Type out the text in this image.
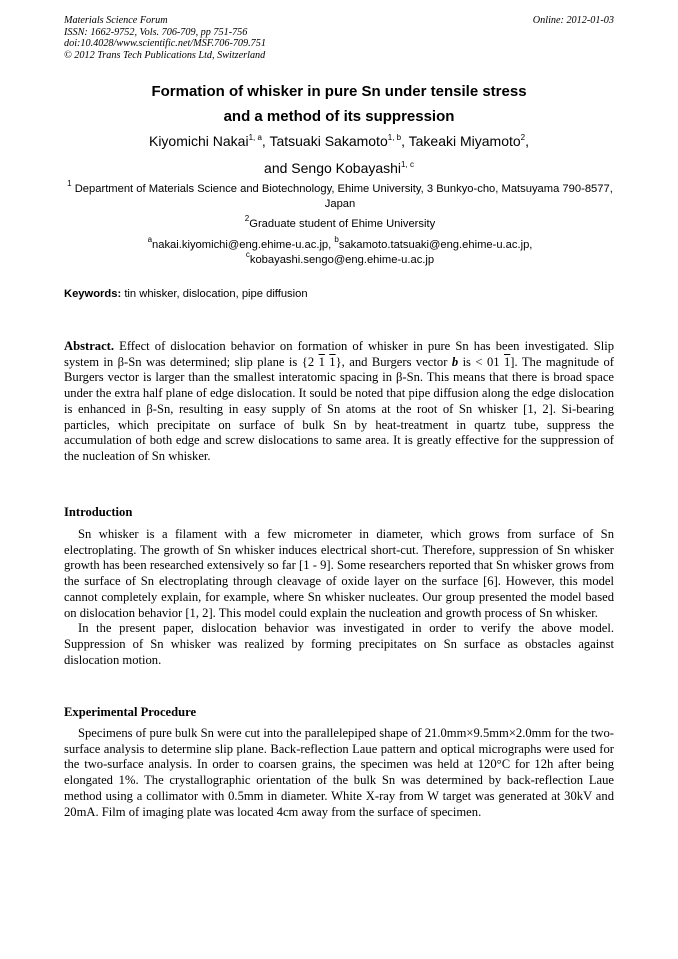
Materials Science Forum
ISSN: 1662-9752, Vols. 706-709, pp 751-756
doi:10.4028/www.scientific.net/MSF.706-709.751
© 2012 Trans Tech Publications Ltd, Switzerland
Online: 2012-01-03
Formation of whisker in pure Sn under tensile stress
and a method of its suppression
Kiyomichi Nakai$^{1, a}$, Tatsuaki Sakamoto$^{1, b}$, Takeaki Miyamoto$^2$,
and Sengo Kobayashi$^{1, c}$
$^1$ Department of Materials Science and Biotechnology, Ehime University, 3 Bunkyo-cho, Matsuyama 790-8577, Japan
$^2$Graduate student of Ehime University
$^a$nakai.kiyomichi@eng.ehime-u.ac.jp, $^b$sakamoto.tatsuaki@eng.ehime-u.ac.jp,
$^c$kobayashi.sengo@eng.ehime-u.ac.jp
Keywords: tin whisker, dislocation, pipe diffusion

Abstract. Effect of dislocation behavior on formation of whisker in pure Sn has been investigated. Slip system in β-Sn was determined; slip plane is {2 1 1}, and Burgers vector b is < 01 1]. The magnitude of Burgers vector is larger than the smallest interatomic spacing in β-Sn. This means that there is broad space under the extra half plane of edge dislocation. It sould be noted that pipe diffusion along the edge dislocation is enhanced in β-Sn, resulting in easy supply of Sn atoms at the root of Sn whisker [1, 2]. Si-bearing particles, which precipitate on surface of bulk Sn by heat-treatment in quartz tube, suppress the accumulation of both edge and screw dislocations to same area. It is greatly effective for the suppression of the nucleation of Sn whisker.

Introduction

Sn whisker is a filament with a few micrometer in diameter, which grows from surface of Sn electroplating. The growth of Sn whisker induces electrical short-cut. Therefore, suppression of Sn whisker growth has been researched extensively so far [1 - 9]. Some researchers reported that Sn whisker grows from the surface of Sn electroplating through cleavage of oxide layer on the surface [6]. However, this model cannot completely explain, for example, where Sn whisker nucleates. Our group presented the model based on dislocation behavior [1, 2]. This model could explain the nucleation and growth process of Sn whisker.

In the present paper, dislocation behavior was investigated in order to verify the above model. Suppression of Sn whisker was realized by forming precipitates on Sn surface as obstacles against dislocation motion.

Experimental Procedure

Specimens of pure bulk Sn were cut into the parallelepiped shape of 21.0mm×9.5mm×2.0mm for the two-surface analysis to determine slip plane. Back-reflection Laue pattern and optical micrographs were used for the two-surface analysis. In order to coarsen grains, the specimen was held at 120°C for 12h after being elongated 1%. The crystallographic orientation of the bulk Sn was determined by back-reflection Laue method using a collimator with 0.5mm in diameter. White X-ray from W target was generated at 30kV and 20mA. Film of imaging plate was located 4cm away from the surface of specimen.
